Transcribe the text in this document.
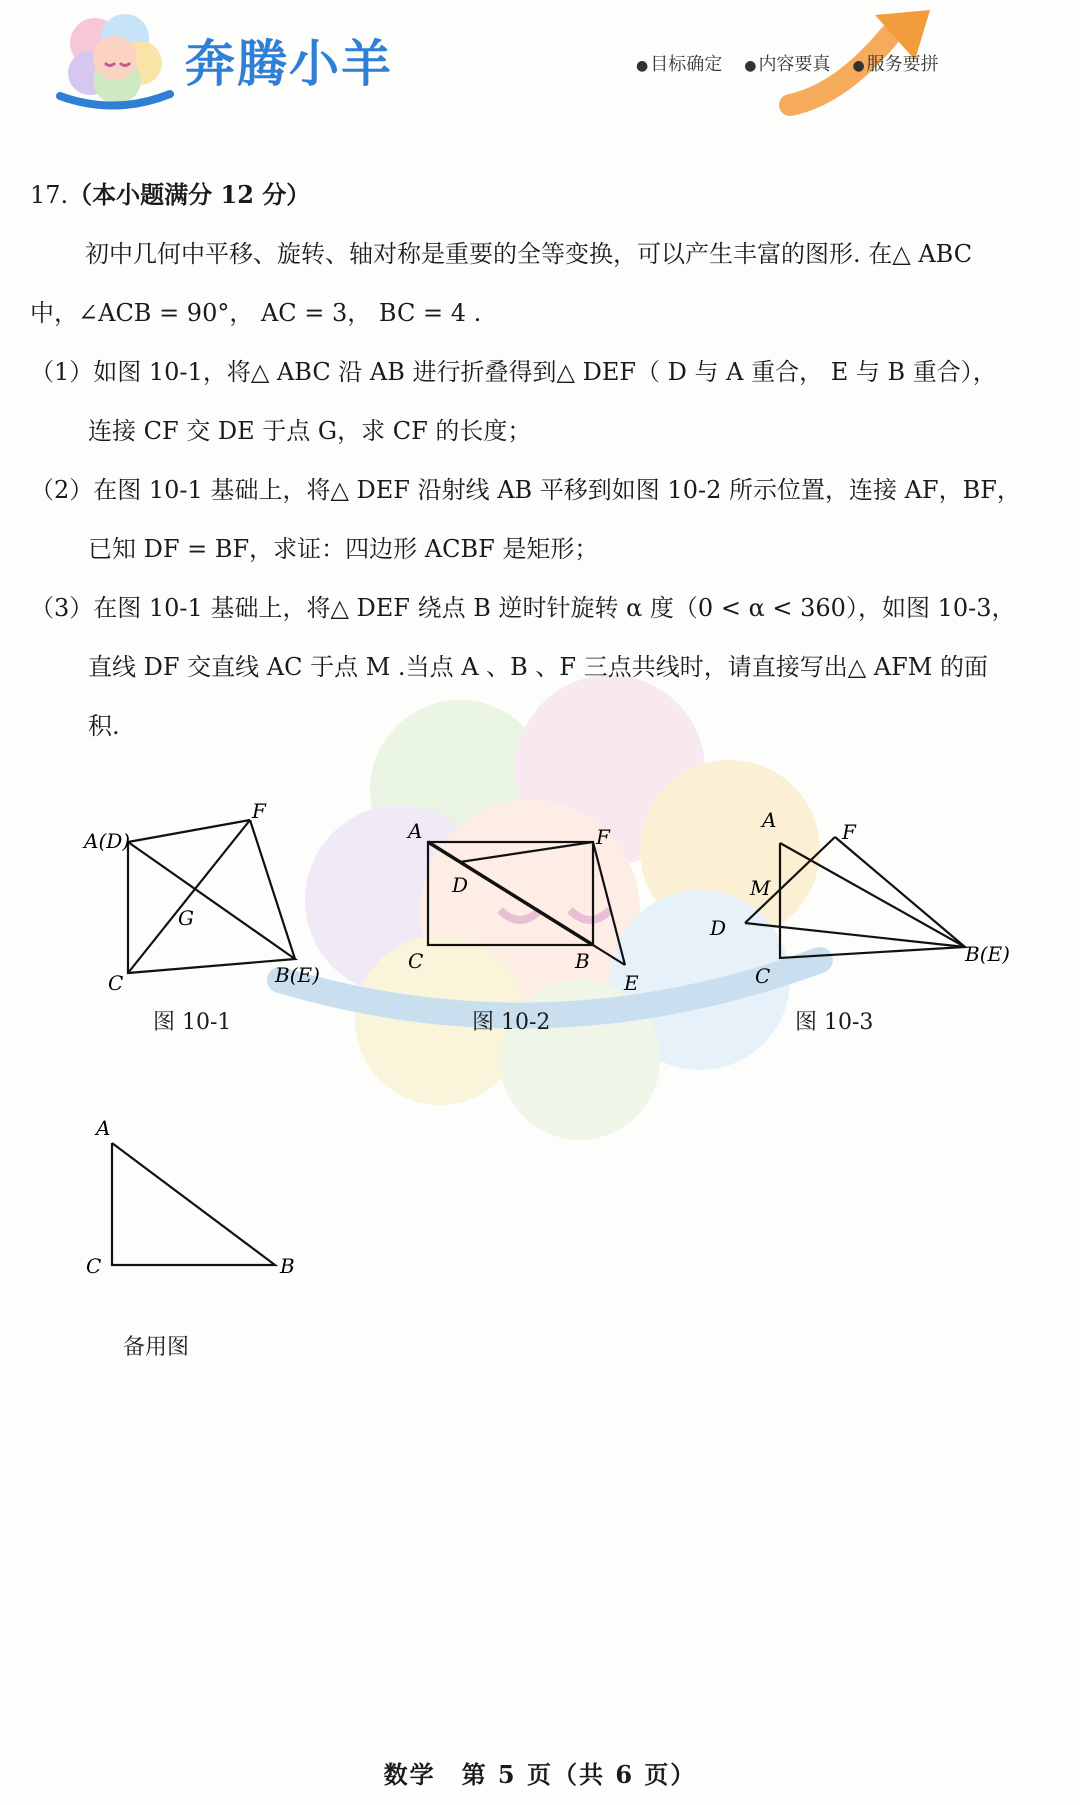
奔腾小羊	● 目标确定	● 内容要真	● 服务要拼
17.（本小题满分 12 分）
初中几何中平移、旋转、轴对称是重要的全等变换，可以产生丰富的图形. 在△ ABC
中，∠ACB = 90°， AC = 3， BC = 4 .
（1）如图 10-1，将△ ABC 沿 AB 进行折叠得到△ DEF（ D 与 A 重合， E 与 B 重合），
连接 CF 交 DE 于点 G，求 CF 的长度；
（2）在图 10-1 基础上，将△ DEF 沿射线 AB 平移到如图 10-2 所示位置，连接 AF，BF，
已知 DF = BF，求证：四边形 ACBF 是矩形；
（3）在图 10-1 基础上，将△ DEF 绕点 B 逆时针旋转 α 度（0 < α < 360），如图 10-3，
直线 DF 交直线 AC 于点 M .当点 A 、B 、F 三点共线时，请直接写出△ AFM 的面
积.
A(D)
F
G
C	B(E)
图 10-1
A	F
D
C	B
E
图 10-2
A	F
M
D
C
B(E)
图 10-3
A
C	B
备用图
数学　第 5 页（共 6 页）
